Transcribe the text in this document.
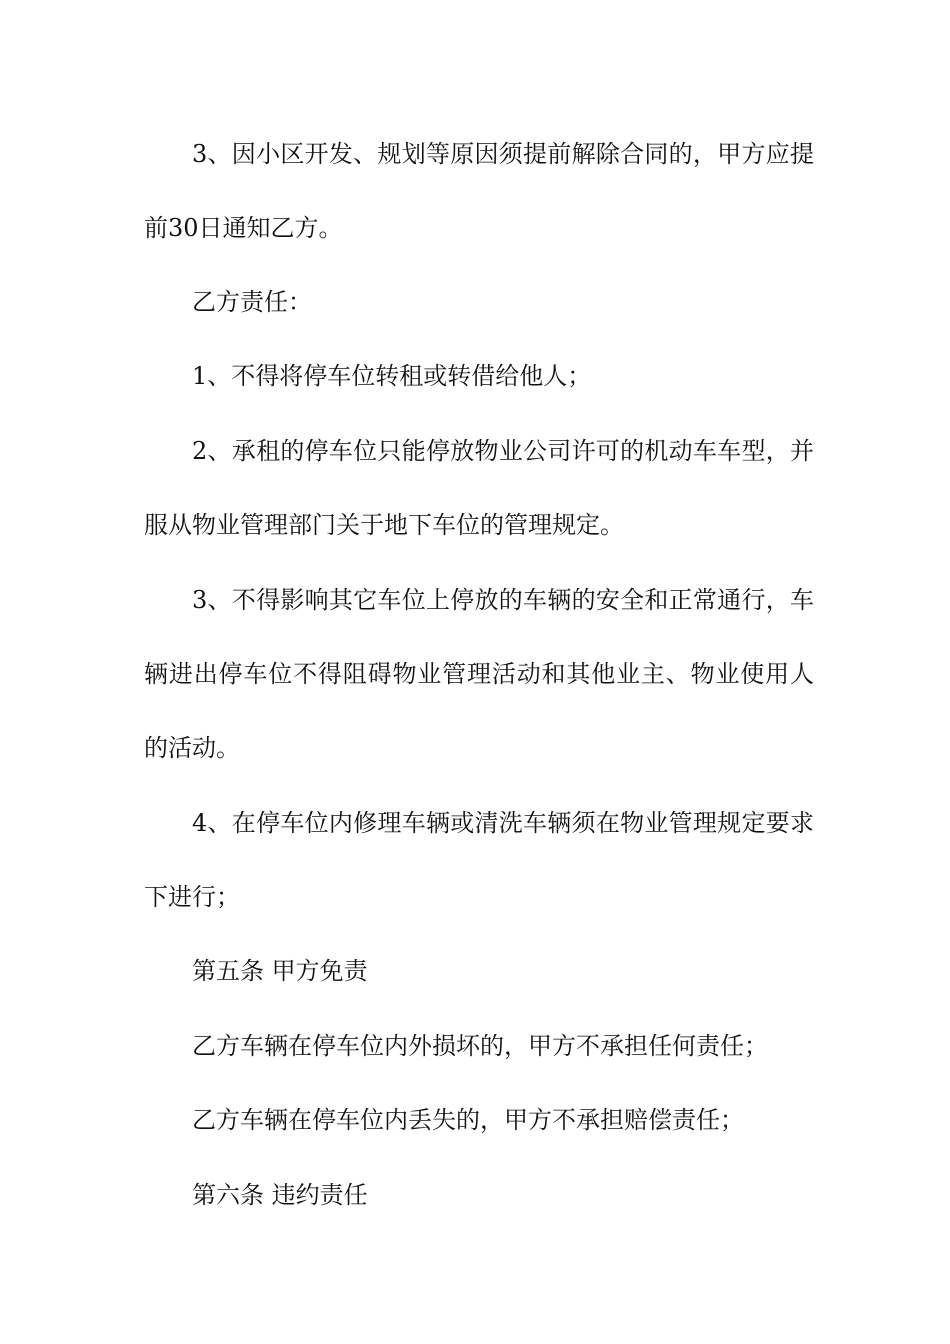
3、因小区开发、规划等原因须提前解除合同的，甲方应提
前30日通知乙方。
乙方责任：
1、不得将停车位转租或转借给他人；
2、承租的停车位只能停放物业公司许可的机动车车型，并
服从物业管理部门关于地下车位的管理规定。
3、不得影响其它车位上停放的车辆的安全和正常通行，车
辆进出停车位不得阻碍物业管理活动和其他业主、物业使用人
的活动。
4、在停车位内修理车辆或清洗车辆须在物业管理规定要求
下进行；
第五条 甲方免责
乙方车辆在停车位内外损坏的，甲方不承担任何责任；
乙方车辆在停车位内丢失的，甲方不承担赔偿责任；
第六条 违约责任
